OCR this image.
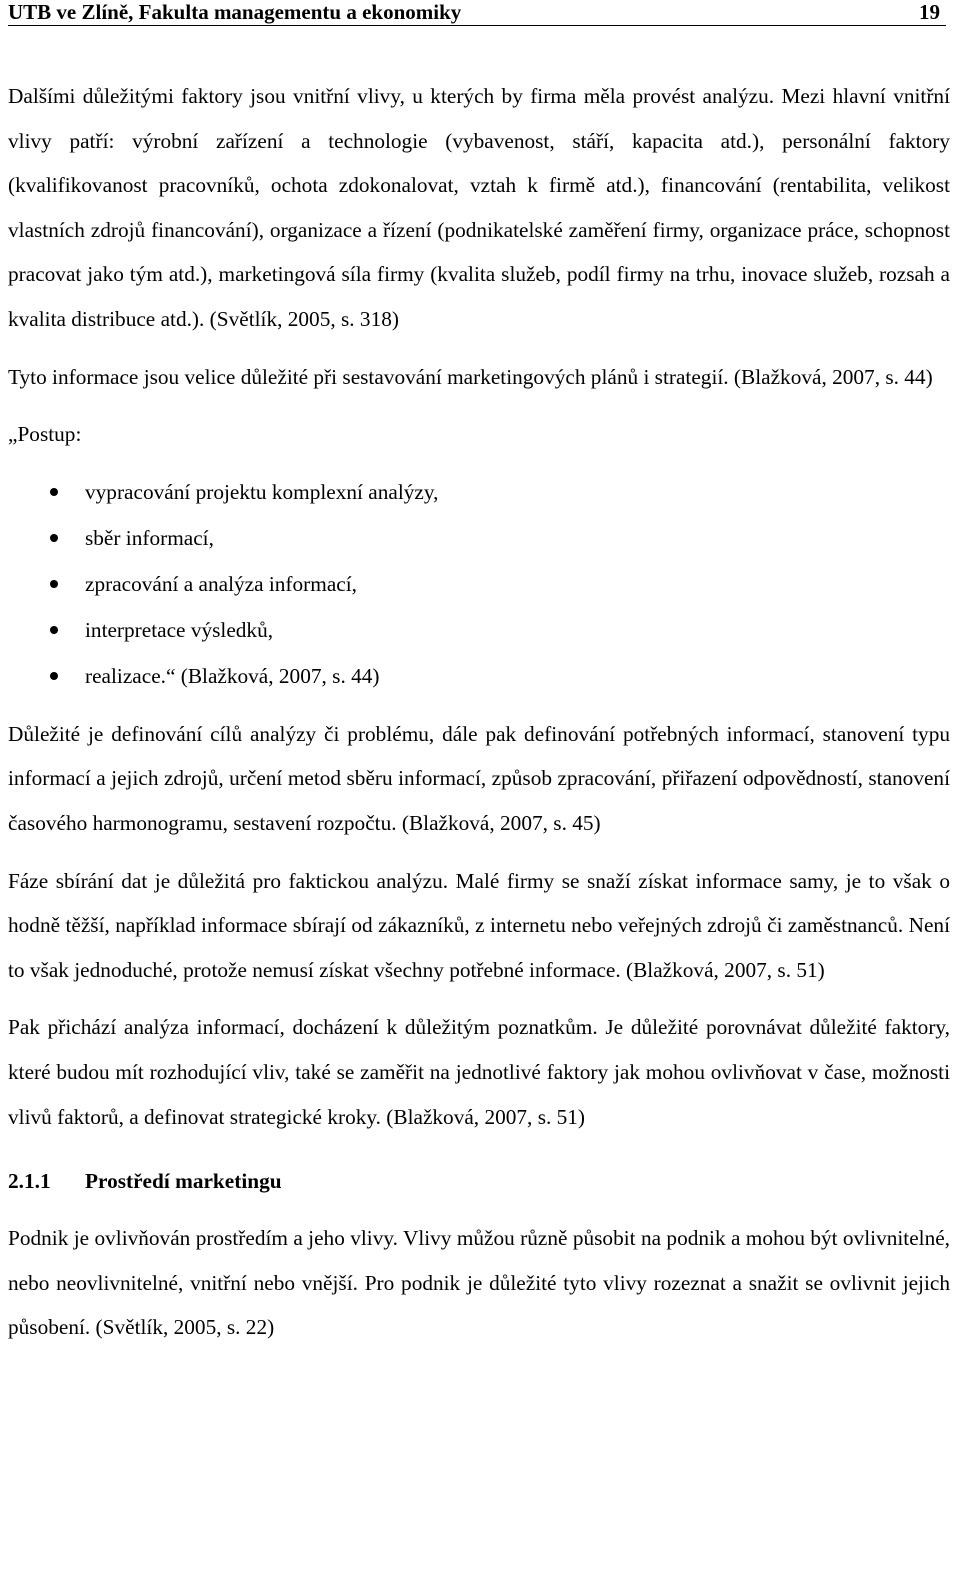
UTB ve Zlíně, Fakulta managementu a ekonomiky	19

Dalšími důležitými faktory jsou vnitřní vlivy, u kterých by firma měla provést analýzu. Mezi hlavní vnitřní vlivy patří: výrobní zařízení a technologie (vybavenost, stáří, kapacita atd.), personální faktory (kvalifikovanost pracovníků, ochota zdokonalovat, vztah k firmě atd.), financování (rentabilita, velikost vlastních zdrojů financování), organizace a řízení (podnikatelské zaměření firmy, organizace práce, schopnost pracovat jako tým atd.), marketingová síla firmy (kvalita služeb, podíl firmy na trhu, inovace služeb, rozsah a kvalita distribuce atd.). (Světlík, 2005, s. 318)

Tyto informace jsou velice důležité při sestavování marketingových plánů i strategií. (Blažková, 2007, s. 44)

„Postup:

vypracování projektu komplexní analýzy,
sběr informací,
zpracování a analýza informací,
interpretace výsledků,
realizace.“ (Blažková, 2007, s. 44)

Důležité je definování cílů analýzy či problému, dále pak definování potřebných informací, stanovení typu informací a jejich zdrojů, určení metod sběru informací, způsob zpracování, přiřazení odpovědností, stanovení časového harmonogramu, sestavení rozpočtu. (Blažková, 2007, s. 45)

Fáze sbírání dat je důležitá pro faktickou analýzu. Malé firmy se snaží získat informace samy, je to však o hodně těžší, například informace sbírají od zákazníků, z internetu nebo veřejných zdrojů či zaměstnanců. Není to však jednoduché, protože nemusí získat všechny potřebné informace. (Blažková, 2007, s. 51)

Pak přichází analýza informací, docházení k důležitým poznatkům. Je důležité porovnávat důležité faktory, které budou mít rozhodující vliv, také se zaměřit na jednotlivé faktory jak mohou ovlivňovat v čase, možnosti vlivů faktorů, a definovat strategické kroky. (Blažková, 2007, s. 51)

2.1.1	Prostředí marketingu

Podnik je ovlivňován prostředím a jeho vlivy. Vlivy můžou různě působit na podnik a mohou být ovlivnitelné, nebo neovlivnitelné, vnitřní nebo vnější. Pro podnik je důležité tyto vlivy rozeznat a snažit se ovlivnit jejich působení. (Světlík, 2005, s. 22)
